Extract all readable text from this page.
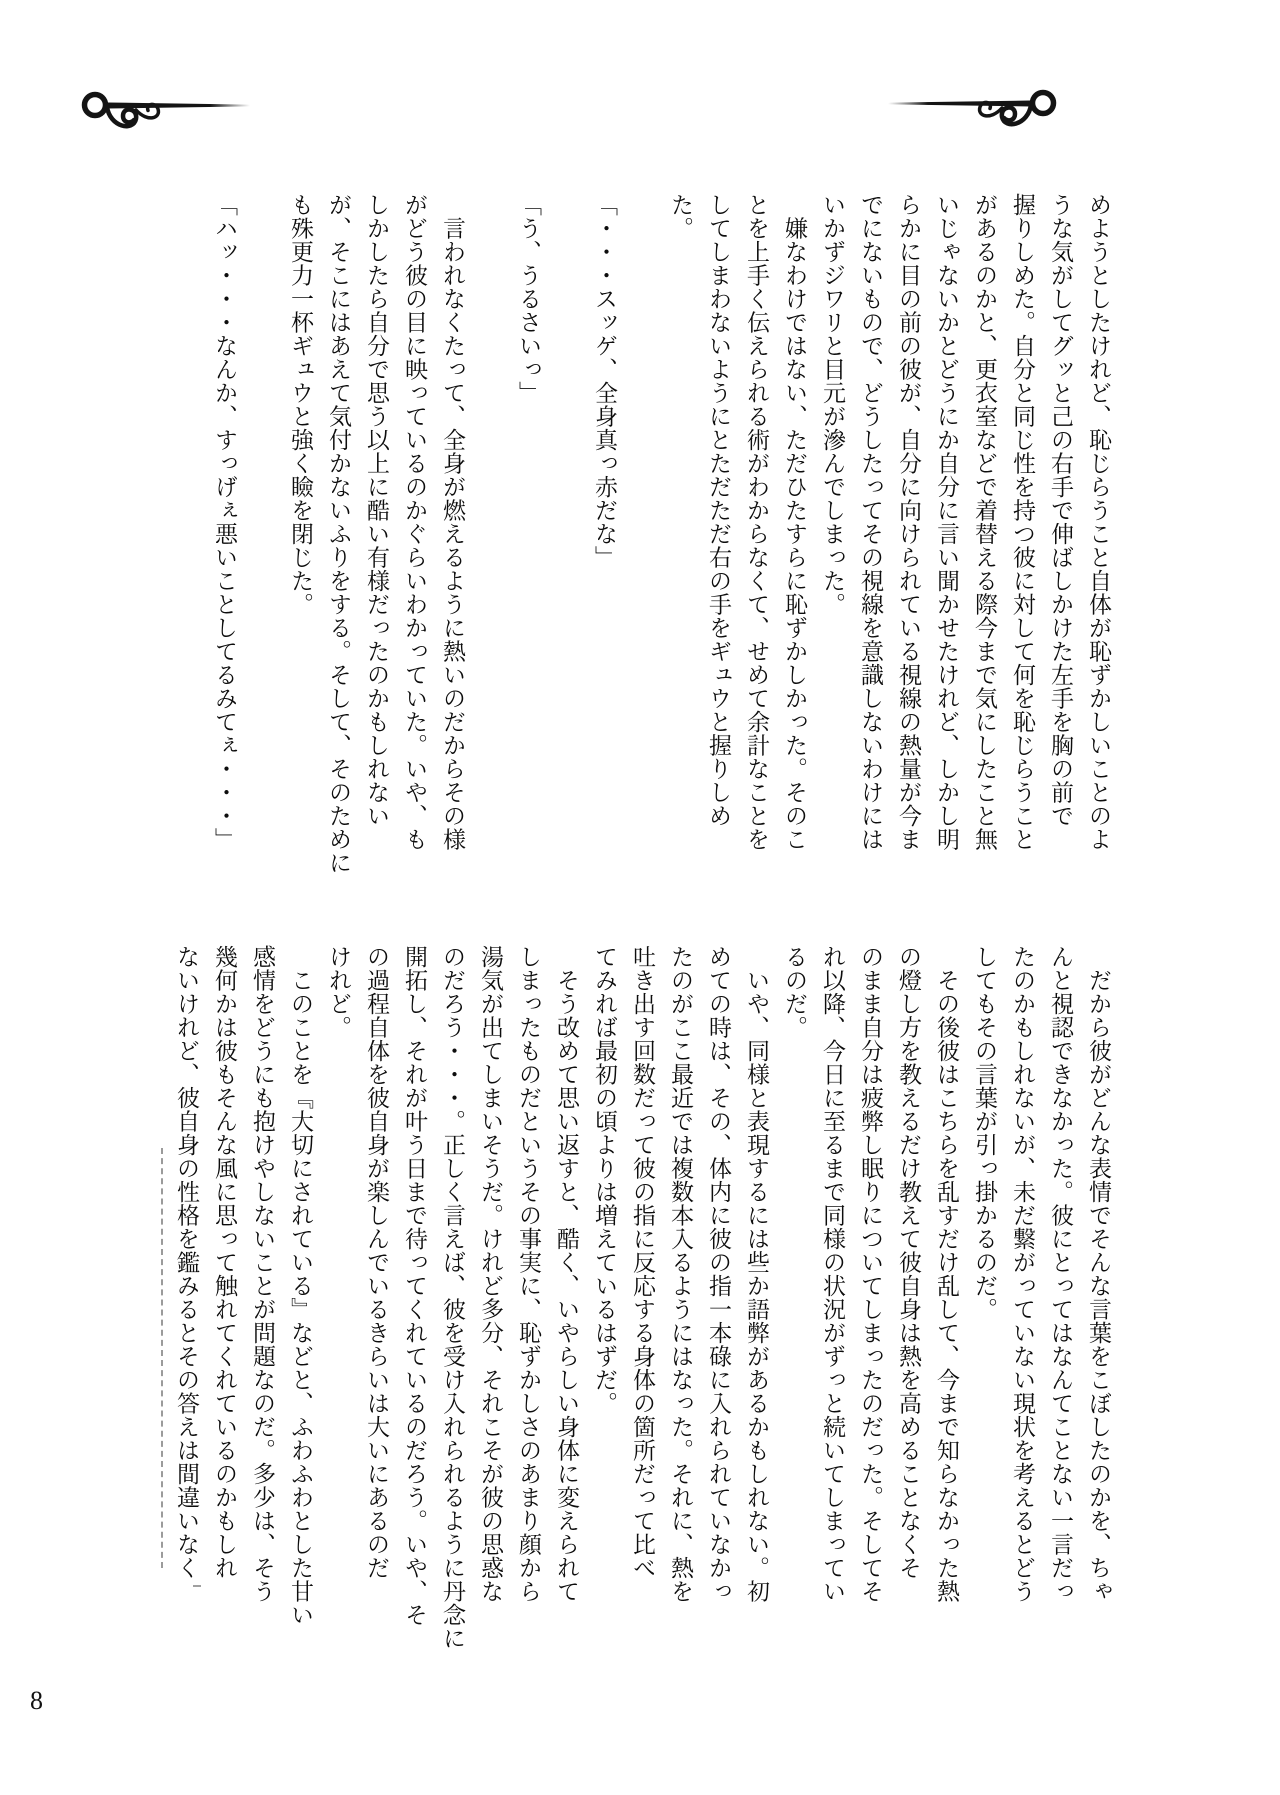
めようとしたけれど、恥じらうこと自体が恥ずかしいことのよ
うな気がしてグッと己の右手で伸ばしかけた左手を胸の前で
握りしめた。自分と同じ性を持つ彼に対して何を恥じらうこと
があるのかと、更衣室などで着替える際今まで気にしたこと無
いじゃないかとどうにか自分に言い聞かせたけれど、しかし明
らかに目の前の彼が、自分に向けられている視線の熱量が今ま
でにないもので、どうしたってその視線を意識しないわけには
いかずジワリと目元が滲んでしまった。
　嫌なわけではない、ただひたすらに恥ずかしかった。そのこ
とを上手く伝えられる術がわからなくて、せめて余計なことを
してしまわないようにとただただ右の手をギュウと握りしめ
た。
「・・・スッゲ、全身真っ赤だな」
「う、うるさいっ」
　言われなくたって、全身が燃えるように熱いのだからその様
がどう彼の目に映っているのかぐらいわかっていた。いや、も
しかしたら自分で思う以上に酷い有様だったのかもしれない
が、そこにはあえて気付かないふりをする。そして、そのために
も殊更力一杯ギュウと強く瞼を閉じた。
「ハッ・・・なんか、すっげぇ悪いことしてるみてぇ・・・」
　だから彼がどんな表情でそんな言葉をこぼしたのかを、ちゃ
んと視認できなかった。彼にとってはなんてことない一言だっ
たのかもしれないが、未だ繋がっていない現状を考えるとどう
してもその言葉が引っ掛かるのだ。
　その後彼はこちらを乱すだけ乱して、今まで知らなかった熱
の燈し方を教えるだけ教えて彼自身は熱を高めることなくそ
のまま自分は疲弊し眠りについてしまったのだった。そしてそ
れ以降、今日に至るまで同様の状況がずっと続いてしまってい
るのだ。
　いや、同様と表現するには些か語弊があるかもしれない。初
めての時は、その、体内に彼の指一本碌に入れられていなかっ
たのがここ最近では複数本入るようにはなった。それに、熱を
吐き出す回数だって彼の指に反応する身体の箇所だって比べ
てみれば最初の頃よりは増えているはずだ。
　そう改めて思い返すと、酷く、いやらしい身体に変えられて
しまったものだというその事実に、恥ずかしさのあまり顔から
湯気が出てしまいそうだ。けれど多分、それこそが彼の思惑な
のだろう・・・。正しく言えば、彼を受け入れられるように丹念に
開拓し、それが叶う日まで待ってくれているのだろう。いや、そ
の過程自体を彼自身が楽しんでいるきらいは大いにあるのだ
けれど。
　このことを『大切にされている』などと、ふわふわとした甘い
感情をどうにも抱けやしないことが問題なのだ。多少は、そう
幾何かは彼もそんな風に思って触れてくれているのかもしれ
ないけれど、彼自身の性格を鑑みるとその答えは間違いなく
8
